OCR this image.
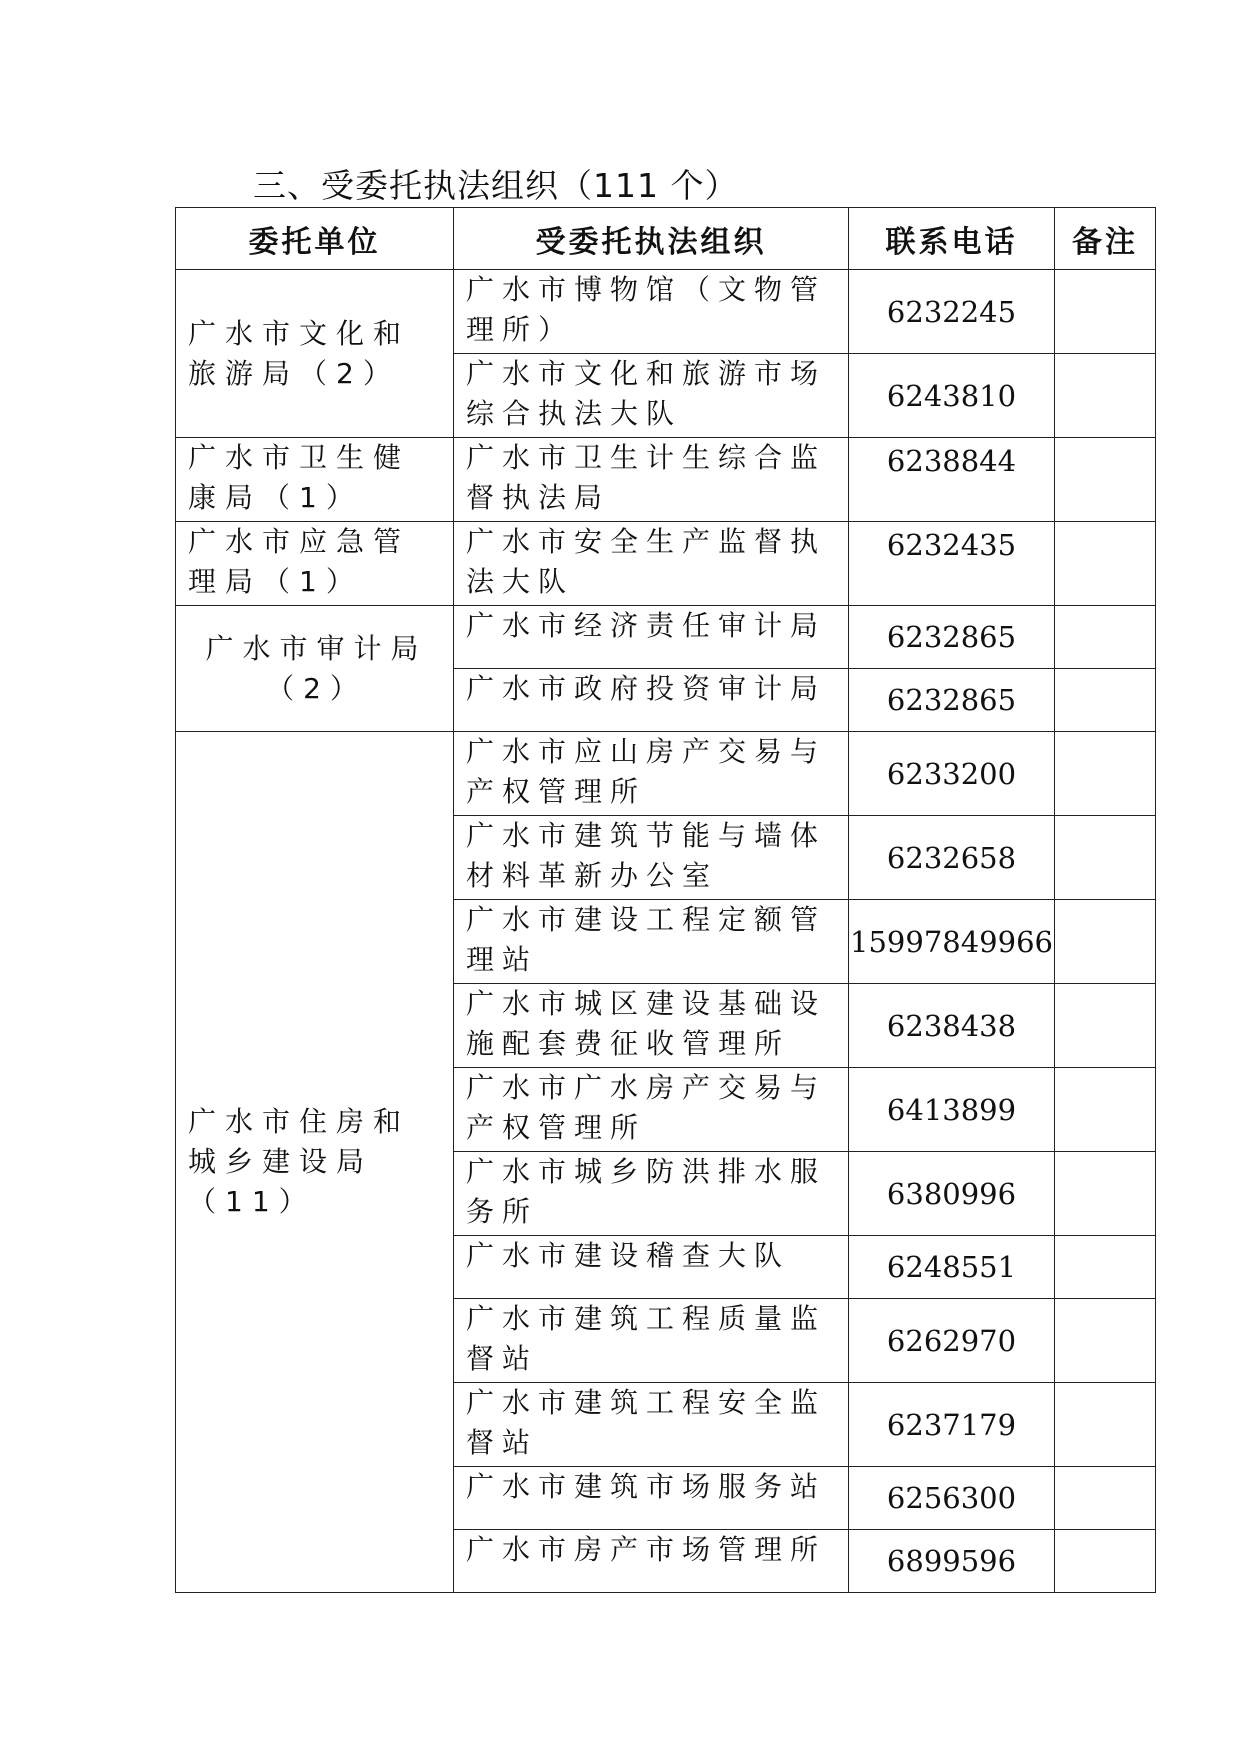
三、受委托执法组织（111 个）
委托单位	受委托执法组织	联系电话	备注
广水市文化和旅游局（2）	广水市博物馆（文物管理所）	6232245	
	广水市文化和旅游市场综合执法大队	6243810	
广水市卫生健康局（1）	广水市卫生计生综合监督执法局	6238844	
广水市应急管理局（1）	广水市安全生产监督执法大队	6232435	
广水市审计局（2）	广水市经济责任审计局	6232865	
	广水市政府投资审计局	6232865	
广水市住房和城乡建设局（11）	广水市应山房产交易与产权管理所	6233200	
	广水市建筑节能与墙体材料革新办公室	6232658	
	广水市建设工程定额管理站	15997849966	
	广水市城区建设基础设施配套费征收管理所	6238438	
	广水市广水房产交易与产权管理所	6413899	
	广水市城乡防洪排水服务所	6380996	
	广水市建设稽查大队	6248551	
	广水市建筑工程质量监督站	6262970	
	广水市建筑工程安全监督站	6237179	
	广水市建筑市场服务站	6256300	
	广水市房产市场管理所	6899596	
